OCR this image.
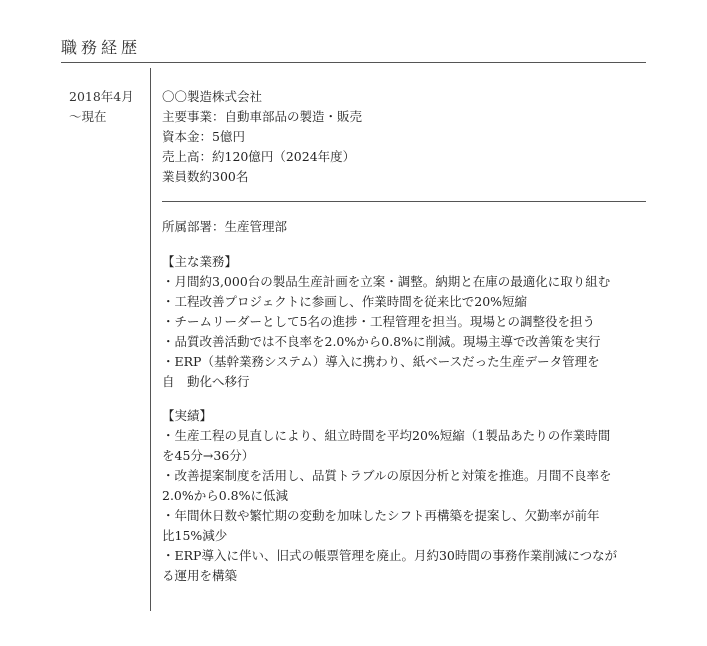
職務経歴
2018年4月
〜現在
〇〇製造株式会社
主要事業：自動車部品の製造・販売
資本金：5億円
売上高：約120億円（2024年度）
業員数約300名
所属部署：生産管理部
【主な業務】
・月間約3,000台の製品生産計画を立案・調整。納期と在庫の最適化に取り組む
・工程改善プロジェクトに参画し、作業時間を従来比で20%短縮
・チームリーダーとして5名の進捗・工程管理を担当。現場との調整役を担う
・品質改善活動では不良率を2.0%から0.8%に削減。現場主導で改善策を実行
・ERP（基幹業務システム）導入に携わり、紙ベースだった生産データ管理を
自　動化へ移行
【実績】
・生産工程の見直しにより、組立時間を平均20%短縮（1製品あたりの作業時間
を45分→36分）
・改善提案制度を活用し、品質トラブルの原因分析と対策を推進。月間不良率を
2.0%から0.8%に低減
・年間休日数や繁忙期の変動を加味したシフト再構築を提案し、欠勤率が前年
比15%減少
・ERP導入に伴い、旧式の帳票管理を廃止。月約30時間の事務作業削減につなが
る運用を構築
